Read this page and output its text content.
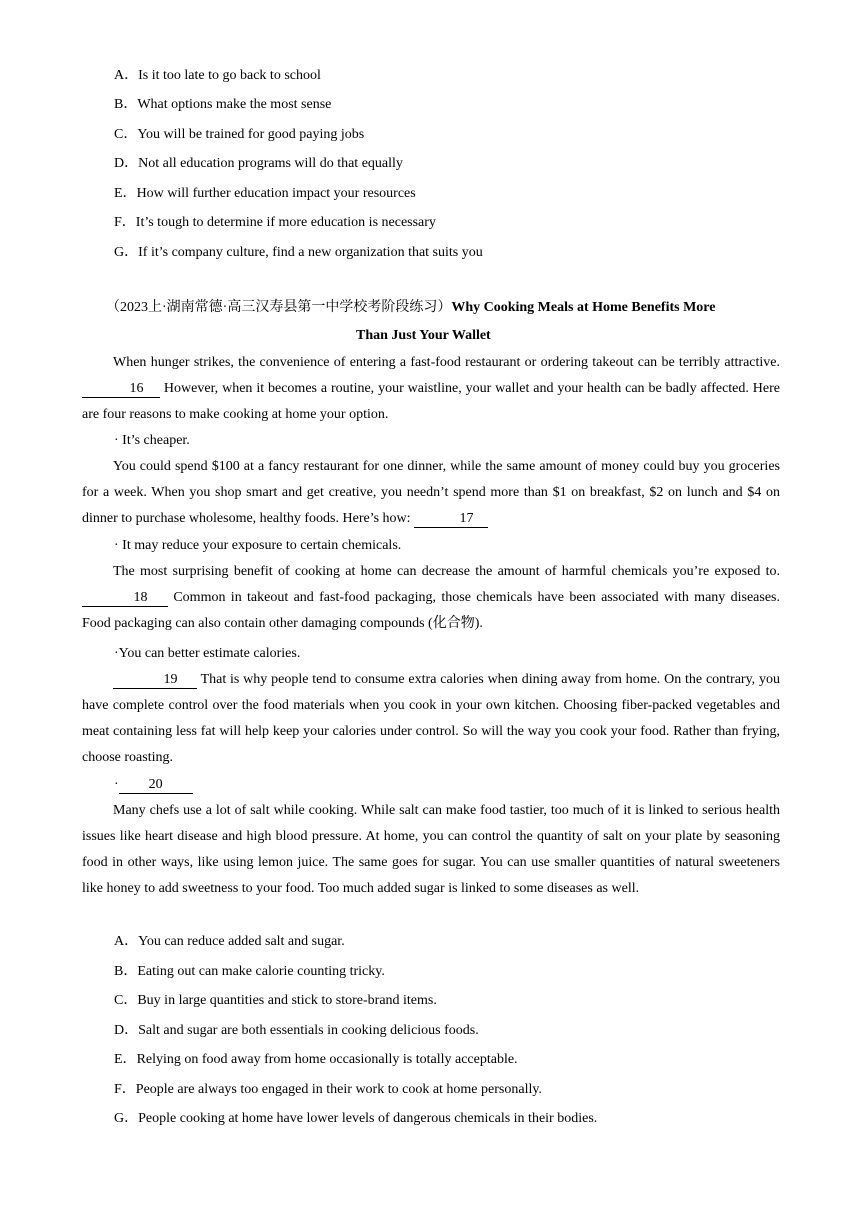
A．Is it too late to go back to school
B．What options make the most sense
C．You will be trained for good paying jobs
D．Not all education programs will do that equally
E．How will further education impact your resources
F．It’s tough to determine if more education is necessary
G．If it’s company culture, find a new organization that suits you
（2023上·湖南常德·高三汉寿县第一中学校考阶段练习）Why Cooking Meals at Home Benefits More
Than Just Your Wallet
When hunger strikes, the convenience of entering a fast-food restaurant or ordering takeout can be terribly attractive. 16 However, when it becomes a routine, your waistline, your wallet and your health can be badly affected. Here are four reasons to make cooking at home your option.
· It’s cheaper.
You could spend $100 at a fancy restaurant for one dinner, while the same amount of money could buy you groceries for a week. When you shop smart and get creative, you needn’t spend more than $1 on breakfast, $2 on lunch and $4 on dinner to purchase wholesome, healthy foods. Here’s how:	17
· It may reduce your exposure to certain chemicals.
The most surprising benefit of cooking at home can decrease the amount of harmful chemicals you’re exposed to. 18 Common in takeout and fast-food packaging, those chemicals have been associated with many diseases. Food packaging can also contain other damaging compounds (化合物).
·You can better estimate calories.
19 That is why people tend to consume extra calories when dining away from home. On the contrary, you have complete control over the food materials when you cook in your own kitchen. Choosing fiber-packed vegetables and meat containing less fat will help keep your calories under control. So will the way you cook your food. Rather than frying, choose roasting.
· 20
Many chefs use a lot of salt while cooking. While salt can make food tastier, too much of it is linked to serious health issues like heart disease and high blood pressure. At home, you can control the quantity of salt on your plate by seasoning food in other ways, like using lemon juice. The same goes for sugar. You can use smaller quantities of natural sweeteners like honey to add sweetness to your food. Too much added sugar is linked to some diseases as well.
A．You can reduce added salt and sugar.
B．Eating out can make calorie counting tricky.
C．Buy in large quantities and stick to store-brand items.
D．Salt and sugar are both essentials in cooking delicious foods.
E．Relying on food away from home occasionally is totally acceptable.
F．People are always too engaged in their work to cook at home personally.
G．People cooking at home have lower levels of dangerous chemicals in their bodies.
